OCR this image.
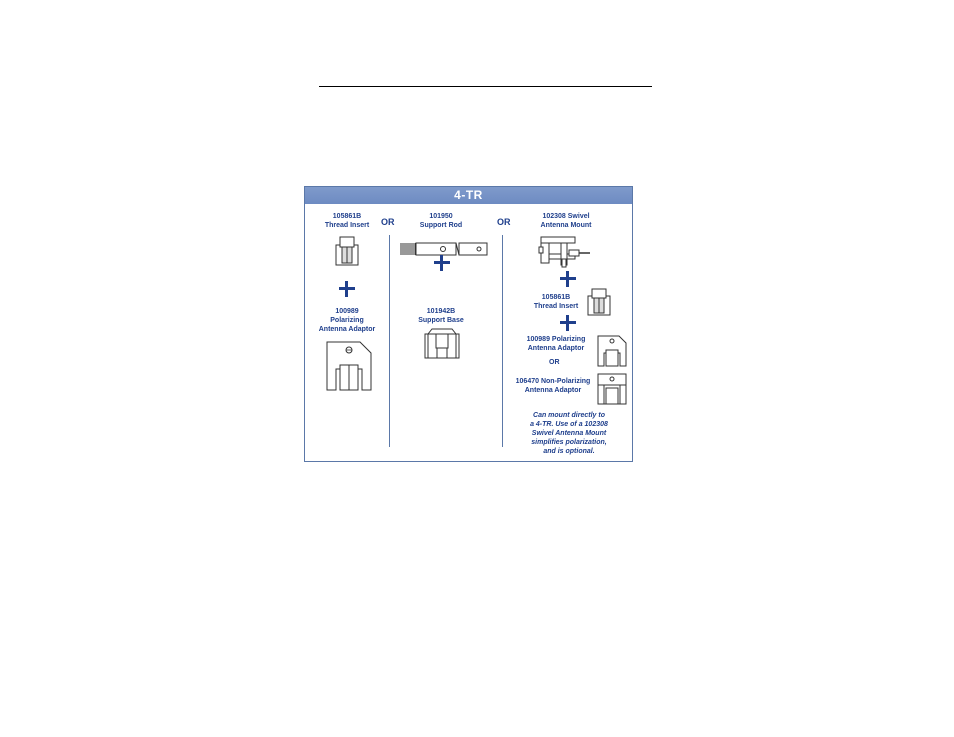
4-TR
105861B
Thread Insert
100989
Polarizing
Antenna Adaptor
OR
101950
Support Rod
101942B
Support Base
OR
102308 Swivel
Antenna Mount
105861B
Thread Insert
100989 Polarizing
Antenna Adaptor
OR
106470 Non-Polarizing
Antenna Adaptor
Can mount directly to
a 4-TR. Use of a 102308
Swivel Antenna Mount
simplifies polarization,
and is optional.
